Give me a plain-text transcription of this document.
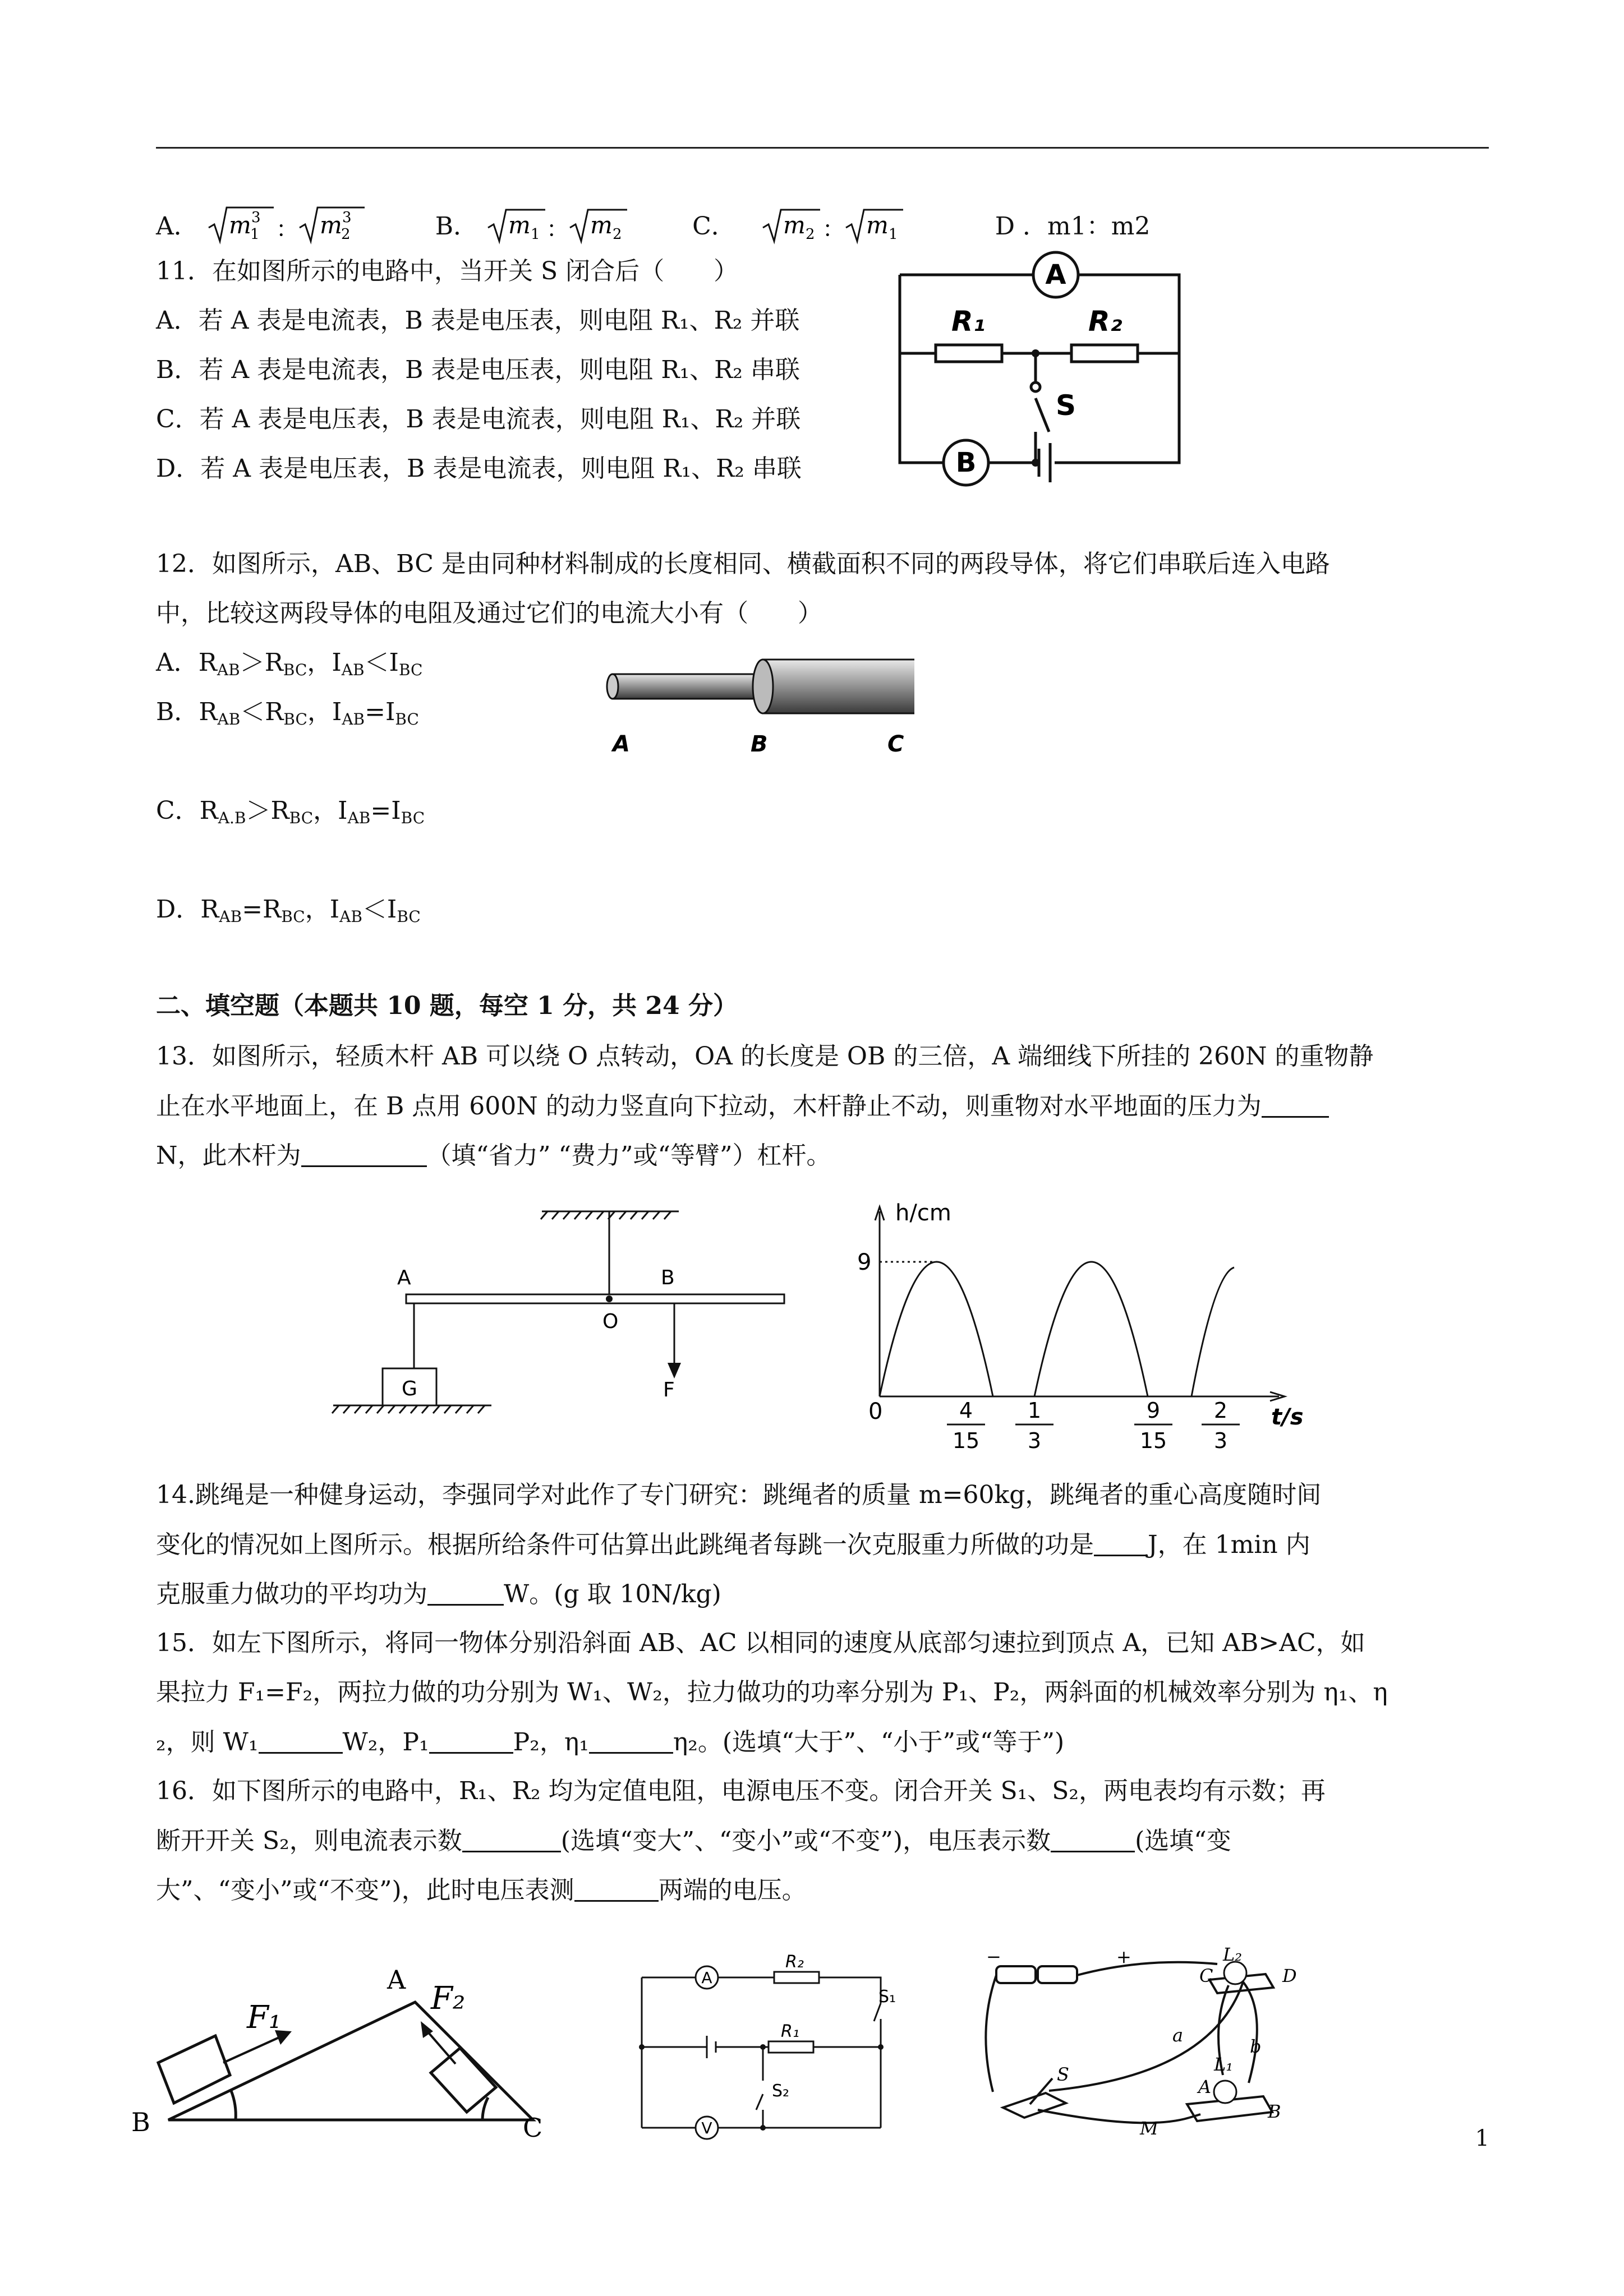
A． m
1
3 ： m
2
3	B． m 1 ： m 2	C． m 2 ： m 1	D ．m1：m2
11．在如图所示的电路中，当开关 S 闭合后（　　）
A．若 A 表是电流表，B 表是电压表，则电阻 R₁、R₂ 并联
B．若 A 表是电流表，B 表是电压表，则电阻 R₁、R₂ 串联
C．若 A 表是电压表，B 表是电流表，则电阻 R₁、R₂ 并联
D．若 A 表是电压表，B 表是电流表，则电阻 R₁、R₂ 串联
A
B
R₁	R₂
S
12．如图所示，AB、BC 是由同种材料制成的长度相同、横截面积不同的两段导体，将它们串联后连入电路
中，比较这两段导体的电阻及通过它们的电流大小有（　　）
A．$R_{AB}>R_{BC}$，$I_{AB}<I_{BC}$
B．$R_{AB}<R_{BC}$，$I_{AB}=I_{BC}$
C．$R_{A.B}>R_{BC}$，$I_{AB}=I_{BC}$
D．$R_{AB}=R_{BC}$，$I_{AB}<I_{BC}$
A	B	C
二、填空题（本题共 10 题，每空 1 分，共 24 分）
13．如图所示，轻质木杆 AB 可以绕 O 点转动，OA 的长度是 OB 的三倍，A 端细线下所挂的 260N 的重物静
止在水平地面上，在 B 点用 600N 的动力竖直向下拉动，木杆静止不动，则重物对水平地面的压力为
N，此木杆为	（填“省力” “费力”或“等臂”）杠杆。
A	B
O
F
G
h/cm
t/s
9
0	4
15
1
3
9
15
2
3
14.跳绳是一种健身运动，李强同学对此作了专门研究：跳绳者的质量 m=60kg，跳绳者的重心高度随时间
变化的情况如上图所示。根据所给条件可估算出此跳绳者每跳一次克服重力所做的功是 J，在 1min 内
克服重力做功的平均功为	W。(g 取 10N/kg)
15．如左下图所示，将同一物体分别沿斜面 AB、AC 以相同的速度从底部匀速拉到顶点 A，已知 AB>AC，如
果拉力 F₁=F₂，两拉力做的功分别为 W₁、W₂，拉力做功的功率分别为 P₁、P₂，两斜面的机械效率分别为 η₁、η
₂，则 W₁	W₂，P₁	P₂，η₁	η₂。(选填“大于”、“小于”或“等于”)
16．如下图所示的电路中，R₁、R₂ 均为定值电阻，电源电压不变。闭合开关 S₁、S₂，两电表均有示数；再
断开开关 S₂，则电流表示数	(选填“变大”、“变小”或“不变”)，电压表示数	(选填“变
大”、“变小”或“不变”)，此时电压表测	两端的电压。
F₁
F₂
A
B	C
A
V
R₂
R₁
S₁
S₂
−	+	L₂
L₁
a
b
A
B
C	D
S
M	1
